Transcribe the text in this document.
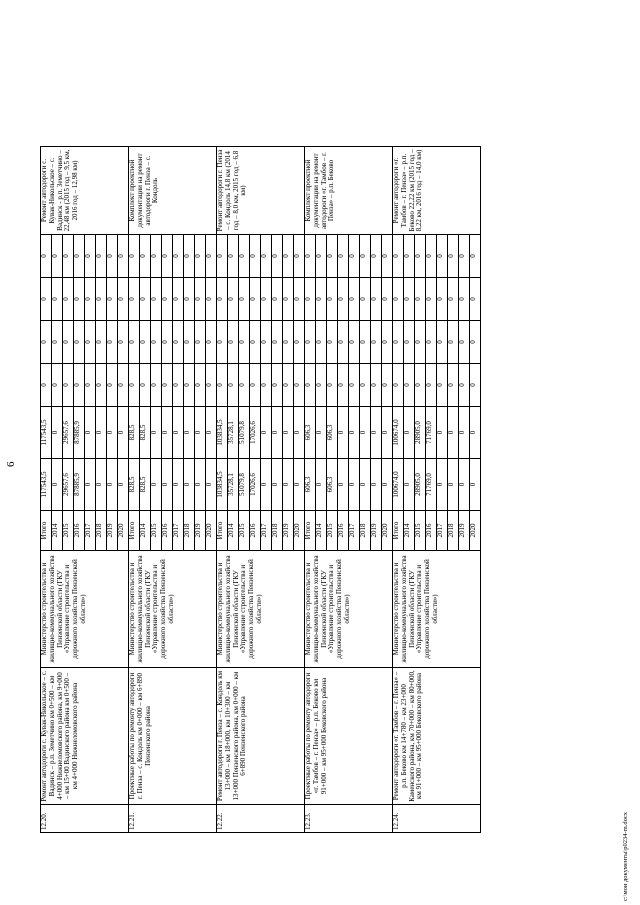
6
12.20.	Ремонт автодороги с. Кувак-Никольское – с. Вадинск – р.п. Земетчино км 0+500 – км 4+000 Нижнеломовского района, км 9+000 – км 15+00 Вадинского района км 0+500 – км 4+000 Нижнеломовского района	Министерство строительства и жилищно-коммунального хозяйства Пензенской области (ГКУ «Управление строительства и дорожного хозяйства Пензенской области»)	Итого	117543,5	117543,5	0	0	0	0	Ремонт автодороги с. Кувак-Никольское – с. Вадинск - р.п. Земетчино – 22,48 км (2015 год – 9,5 км, 2016 год – 12,98 км)
			2014	0	0	0	0	0	0	
			2015	29657,6	29657,6	0	0	0	0	
			2016	87885,9	87885,9	0	0	0	0	
			2017	0	0	0	0	0	0	
			2018	0	0	0	0	0	0	
			2019	0	0	0	0	0	0	
			2020	0	0	0	0	0	0	
12.21.	Проектные работы по ремонту автодороги г. Пенза – с. Кондоль км 0+000 – км 6+890 Пензенского района	Министерство строительства и жилищно-коммунального хозяйства Пензенской области (ГКУ «Управление строительства и дорожного хозяйства Пензенской области»)	Итого	828,5	828,5	0	0	0	0	Комплект проектной документации на ремонт автодороги г. Пенза – с. Кондоль
			2014	828,5	828,5	0	0	0	0	
			2015	0	0	0	0	0	0	
			2016	0	0	0	0	0	0	
			2017	0	0	0	0	0	0	
			2018	0	0	0	0	0	0	
			2019	0	0	0	0	0	0	
			2020	0	0	0	0	0	0	
12.22.	Ремонт автодороги г. Пенза – с. Кондоль км 13+000 – км 18+000, км 10+300 – км 13+000 Пензенского района, км 0+000 – км 6+890 Пензенского района	Министерство строительства и жилищно-коммунального хозяйства Пензенской области (ГКУ «Управление строительства и дорожного хозяйства Пензенской области»)	Итого	103834,5	103834,5	0	0	0	0	Ремонт автодороги г. Пенза – с. Кондоль 14,8 км (2014 год – 8,0 км, 2015 год – 6,8 км)
			2014	35728,1	35728,1	0	0	0	0	
			2015	51079,8	51079,8	0	0	0	0	
			2016	17026,6	17026,6	0	0	0	0	
			2017	0	0	0	0	0	0	
			2018	0	0	0	0	0	0	
			2019	0	0	0	0	0	0	
			2020	0	0	0	0	0	0	
12.23.	Проектные работы по ремонту автодороги «г. Тамбов – г. Пенза» – р.п. Беково км 91+000 – км 95+000 Бековского района	Министерство строительства и жилищно-коммунального хозяйства Пензенской области (ГКУ «Управление строительства и дорожного хозяйства Пензенской области»)	Итого	606,3	606,3	0	0	0	0	Комплект проектной документации на ремонт автодороги «г. Тамбов – г. Пенза» – р.п. Беково
			2014	0	0	0	0	0	0	
			2015	606,3	606,3	0	0	0	0	
			2016	0	0	0	0	0	0	
			2017	0	0	0	0	0	0	
			2018	0	0	0	0	0	0	
			2019	0	0	0	0	0	0	
			2020	0	0	0	0	0	0	
12.24.	Ремонт автодороги «г. Тамбов – г. Пенза» – р.п. Беково км 14+780 – км 23+000 Каменского района, км 70+000 – км 80+000, км 91+000 – км 95+000 Бековского района	Министерство строительства и жилищно-коммунального хозяйства Пензенской области (ГКУ «Управление строительства и дорожного хозяйства Пензенской области»)	Итого	100674,0	100674,0	0	0	0	0	Ремонт автодороги «г. Тамбов – г. Пенза» – р.п. Беково 22,22 км (2015 год – 8,22 км, 2016 год – 14,0 км)
			2014	0	0	0	0	0	0	
			2015	28905,0	28905,0	0	0	0	0	
			2016	71769,0	71769,0	0	0	0	0	
			2017	0	0	0	0	0	0	
			2018	0	0	0	0	0	0	
			2019	0	0	0	0	0	0	
			2020	0	0	0	0	0	0	
c:\мои документы\p0234-m.docx
